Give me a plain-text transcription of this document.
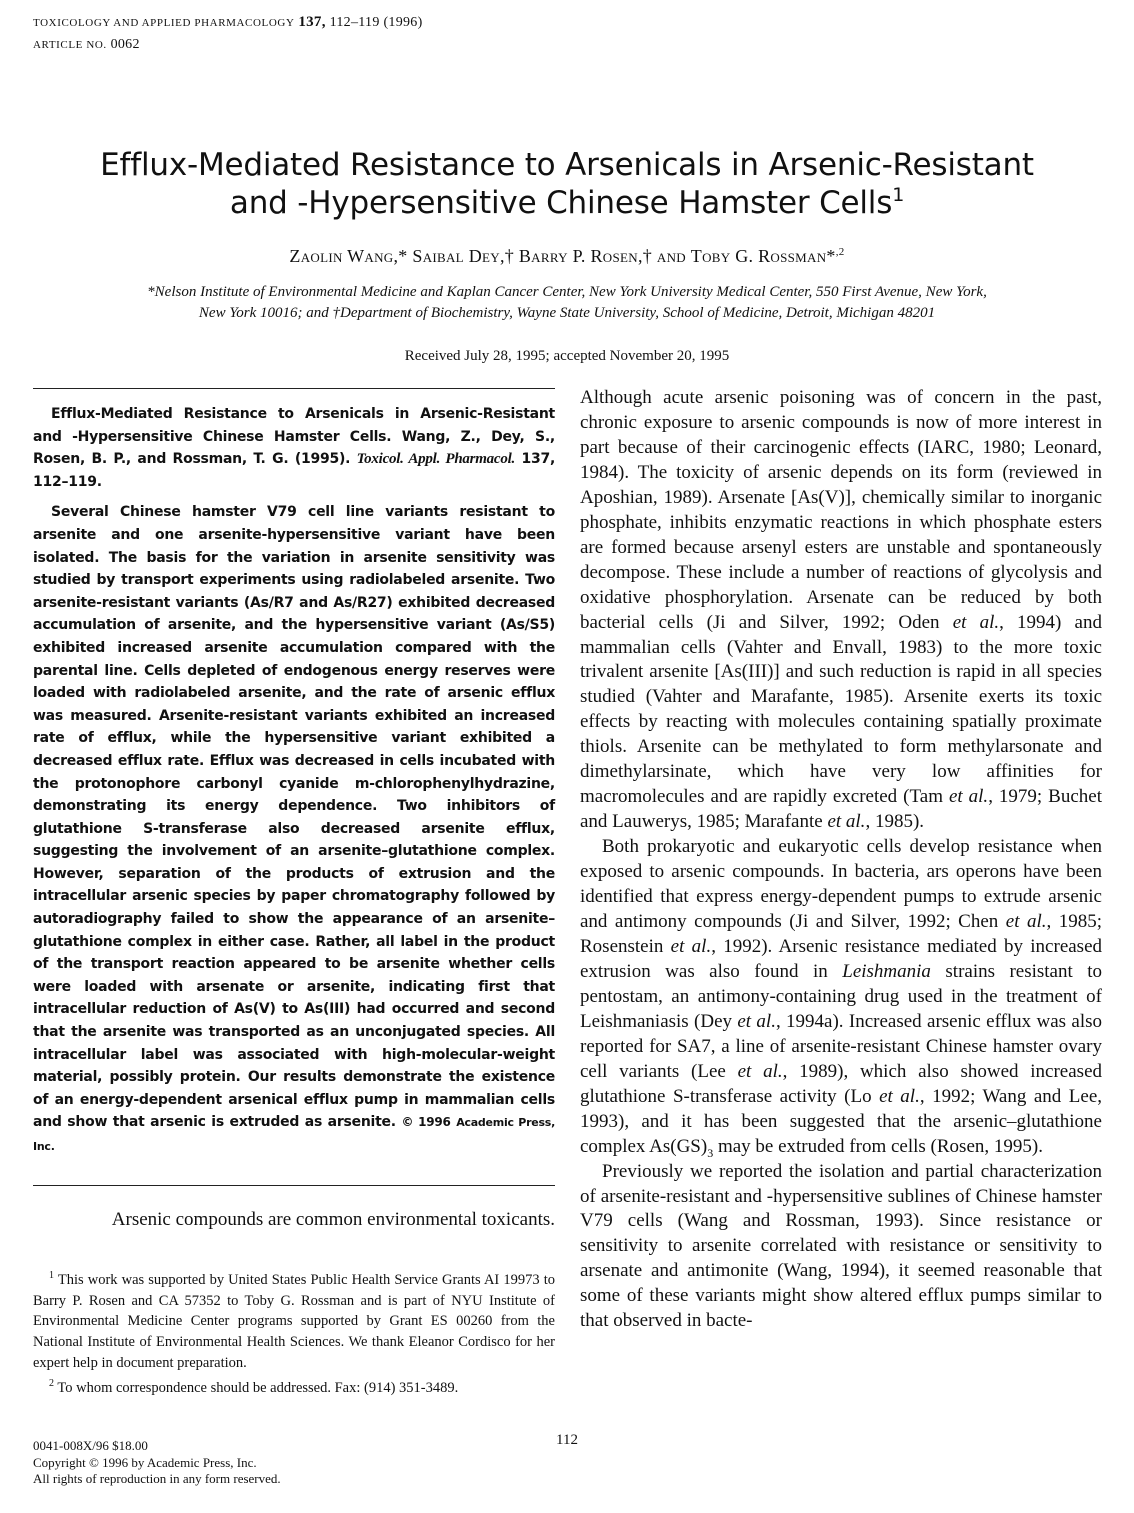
TOXICOLOGY AND APPLIED PHARMACOLOGY 137, 112–119 (1996)
ARTICLE NO. 0062
Efflux-Mediated Resistance to Arsenicals in Arsenic-Resistant
and -Hypersensitive Chinese Hamster Cells$^1$
Zaolin Wang,* Saibal Dey,† Barry P. Rosen,† and Toby G. Rossman*$^{,2}$
*Nelson Institute of Environmental Medicine and Kaplan Cancer Center, New York University Medical Center, 550 First Avenue, New York,
New York 10016; and †Department of Biochemistry, Wayne State University, School of Medicine, Detroit, Michigan 48201
Received July 28, 1995; accepted November 20, 1995

Efflux-Mediated Resistance to Arsenicals in Arsenic-Resistant and -Hypersensitive Chinese Hamster Cells. Wang, Z., Dey, S., Rosen, B. P., and Rossman, T. G. (1995). Toxicol. Appl. Pharmacol. 137, 112–119.

Several Chinese hamster V79 cell line variants resistant to arsenite and one arsenite-hypersensitive variant have been isolated. The basis for the variation in arsenite sensitivity was studied by transport experiments using radiolabeled arsenite. Two arsenite-resistant variants (As/R7 and As/R27) exhibited decreased accumulation of arsenite, and the hypersensitive variant (As/S5) exhibited increased arsenite accumulation compared with the parental line. Cells depleted of endogenous energy reserves were loaded with radiolabeled arsenite, and the rate of arsenic efflux was measured. Arsenite-resistant variants exhibited an increased rate of efflux, while the hypersensitive variant exhibited a decreased efflux rate. Efflux was decreased in cells incubated with the protonophore carbonyl cyanide m-chlorophenylhydrazine, demonstrating its energy dependence. Two inhibitors of glutathione S-transferase also decreased arsenite efflux, suggesting the involvement of an arsenite–glutathione complex. However, separation of the products of extrusion and the intracellular arsenic species by paper chromatography followed by autoradiography failed to show the appearance of an arsenite–glutathione complex in either case. Rather, all label in the product of the transport reaction appeared to be arsenite whether cells were loaded with arsenate or arsenite, indicating first that intracellular reduction of As(V) to As(III) had occurred and second that the arsenite was transported as an unconjugated species. All intracellular label was associated with high-molecular-weight material, possibly protein. Our results demonstrate the existence of an energy-dependent arsenical efflux pump in mammalian cells and show that arsenic is extruded as arsenite. © 1996 Academic Press, Inc.

Arsenic compounds are common environmental toxicants.

$^1$ This work was supported by United States Public Health Service Grants AI 19973 to Barry P. Rosen and CA 57352 to Toby G. Rossman and is part of NYU Institute of Environmental Medicine Center programs supported by Grant ES 00260 from the National Institute of Environmental Health Sciences. We thank Eleanor Cordisco for her expert help in document preparation.

$^2$ To whom correspondence should be addressed. Fax: (914) 351-3489.

Although acute arsenic poisoning was of concern in the past, chronic exposure to arsenic compounds is now of more interest in part because of their carcinogenic effects (IARC, 1980; Leonard, 1984). The toxicity of arsenic depends on its form (reviewed in Aposhian, 1989). Arsenate [As(V)], chemically similar to inorganic phosphate, inhibits enzymatic reactions in which phosphate esters are formed because arsenyl esters are unstable and spontaneously decompose. These include a number of reactions of glycolysis and oxidative phosphorylation. Arsenate can be reduced by both bacterial cells (Ji and Silver, 1992; Oden et al., 1994) and mammalian cells (Vahter and Envall, 1983) to the more toxic trivalent arsenite [As(III)] and such reduction is rapid in all species studied (Vahter and Marafante, 1985). Arsenite exerts its toxic effects by reacting with molecules containing spatially proximate thiols. Arsenite can be methylated to form methylarsonate and dimethylarsinate, which have very low affinities for macromolecules and are rapidly excreted (Tam et al., 1979; Buchet and Lauwerys, 1985; Marafante et al., 1985).

Both prokaryotic and eukaryotic cells develop resistance when exposed to arsenic compounds. In bacteria, ars operons have been identified that express energy-dependent pumps to extrude arsenic and antimony compounds (Ji and Silver, 1992; Chen et al., 1985; Rosenstein et al., 1992). Arsenic resistance mediated by increased extrusion was also found in Leishmania strains resistant to pentostam, an antimony-containing drug used in the treatment of Leishmaniasis (Dey et al., 1994a). Increased arsenic efflux was also reported for SA7, a line of arsenite-resistant Chinese hamster ovary cell variants (Lee et al., 1989), which also showed increased glutathione S-transferase activity (Lo et al., 1992; Wang and Lee, 1993), and it has been suggested that the arsenic–glutathione complex $As(GS)_3$ may be extruded from cells (Rosen, 1995).

Previously we reported the isolation and partial characterization of arsenite-resistant and -hypersensitive sublines of Chinese hamster V79 cells (Wang and Rossman, 1993). Since resistance or sensitivity to arsenite correlated with resistance or sensitivity to arsenate and antimonite (Wang, 1994), it seemed reasonable that some of these variants might show altered efflux pumps similar to that observed in bacte-

112
0041-008X/96 $18.00
Copyright © 1996 by Academic Press, Inc.
All rights of reproduction in any form reserved.
